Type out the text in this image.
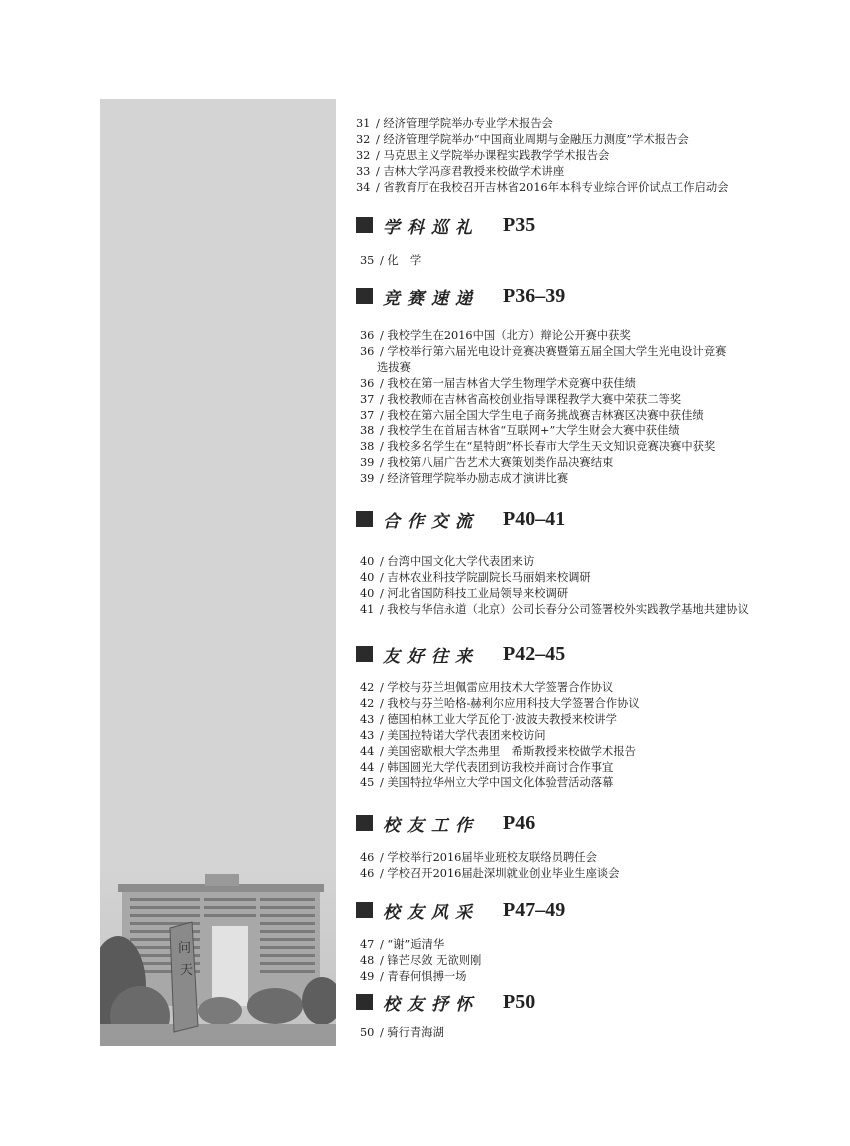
问
天
31 / 经济管理学院举办专业学术报告会
32 / 经济管理学院举办“中国商业周期与金融压力测度”学术报告会
32 / 马克思主义学院举办课程实践教学学术报告会
33 / 吉林大学冯彦君教授来校做学术讲座
34 / 省教育厅在我校召开吉林省2016年本科专业综合评价试点工作启动会
学科巡礼	P35
35 / 化　学
竞赛速递	P36–39
36 / 我校学生在2016中国（北方）辩论公开赛中获奖
36 / 学校举行第六届光电设计竞赛决赛暨第五届全国大学生光电设计竞赛
选拔赛
36 / 我校在第一届吉林省大学生物理学术竞赛中获佳绩
37 / 我校教师在吉林省高校创业指导课程教学大赛中荣获二等奖
37 / 我校在第六届全国大学生电子商务挑战赛吉林赛区决赛中获佳绩
38 / 我校学生在首届吉林省“互联网+”大学生财会大赛中获佳绩
38 / 我校多名学生在“星特朗”杯长春市大学生天文知识竞赛决赛中获奖
39 / 我校第八届广告艺术大赛策划类作品决赛结束
39 / 经济管理学院举办励志成才演讲比赛
合作交流	P40–41
40 / 台湾中国文化大学代表团来访
40 / 吉林农业科技学院副院长马丽娟来校调研
40 / 河北省国防科技工业局领导来校调研
41 / 我校与华信永道（北京）公司长春分公司签署校外实践教学基地共建协议
友好往来	P42–45
42 / 学校与芬兰坦佩雷应用技术大学签署合作协议
42 / 我校与芬兰哈格-赫利尔应用科技大学签署合作协议
43 / 德国柏林工业大学瓦伦丁·波波夫教授来校讲学
43 / 美国拉特诺大学代表团来校访问
44 / 美国密歇根大学杰弗里　希斯教授来校做学术报告
44 / 韩国圆光大学代表团到访我校并商讨合作事宜
45 / 美国特拉华州立大学中国文化体验营活动落幕
校友工作	P46
46 / 学校举行2016届毕业班校友联络员聘任会
46 / 学校召开2016届赴深圳就业创业毕业生座谈会
校友风采	P47–49
47 / “谢”逅清华
48 / 锋芒尽敛 无欲则刚
49 / 青春何惧搏一场
校友抒怀	P50
50 / 骑行青海湖
